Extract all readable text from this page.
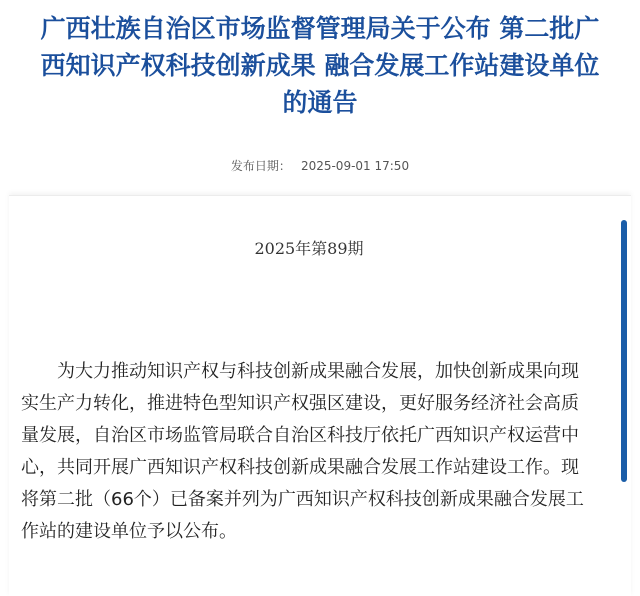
广西壮族自治区市场监督管理局关于公布 第二批广
西知识产权科技创新成果 融合发展工作站建设单位
的通告
发布日期： 2025-09-01 17:50
2025年第89期

为大力推动知识产权与科技创新成果融合发展，加快创新成果向现
实生产力转化，推进特色型知识产权强区建设，更好服务经济社会高质
量发展，自治区市场监管局联合自治区科技厅依托广西知识产权运营中
心，共同开展广西知识产权科技创新成果融合发展工作站建设工作。现
将第二批（66个）已备案并列为广西知识产权科技创新成果融合发展工
作站的建设单位予以公布。
